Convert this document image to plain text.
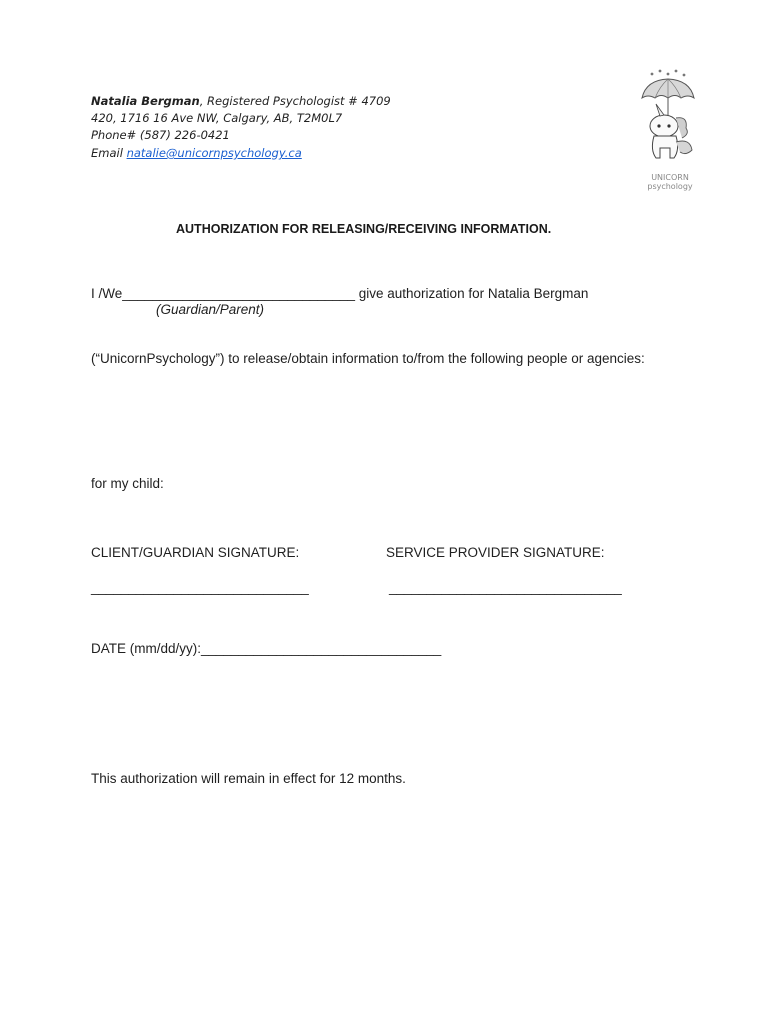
Natalia Bergman, Registered Psychologist # 4709
420, 1716 16 Ave NW, Calgary, AB, T2M0L7
Phone# (587) 226-0421
Email natalie@unicornpsychology.ca
UNICORN
psychology
AUTHORIZATION FOR RELEASING/RECEIVING INFORMATION.
I /We_______________________________ give authorization for Natalia Bergman
(Guardian/Parent)
(“UnicornPsychology”) to release/obtain information to/from the following people or agencies:
for my child:
CLIENT/GUARDIAN SIGNATURE:	SERVICE PROVIDER SIGNATURE:
_____________________________	_______________________________
DATE (mm/dd/yy):________________________________
This authorization will remain in effect for 12 months.
